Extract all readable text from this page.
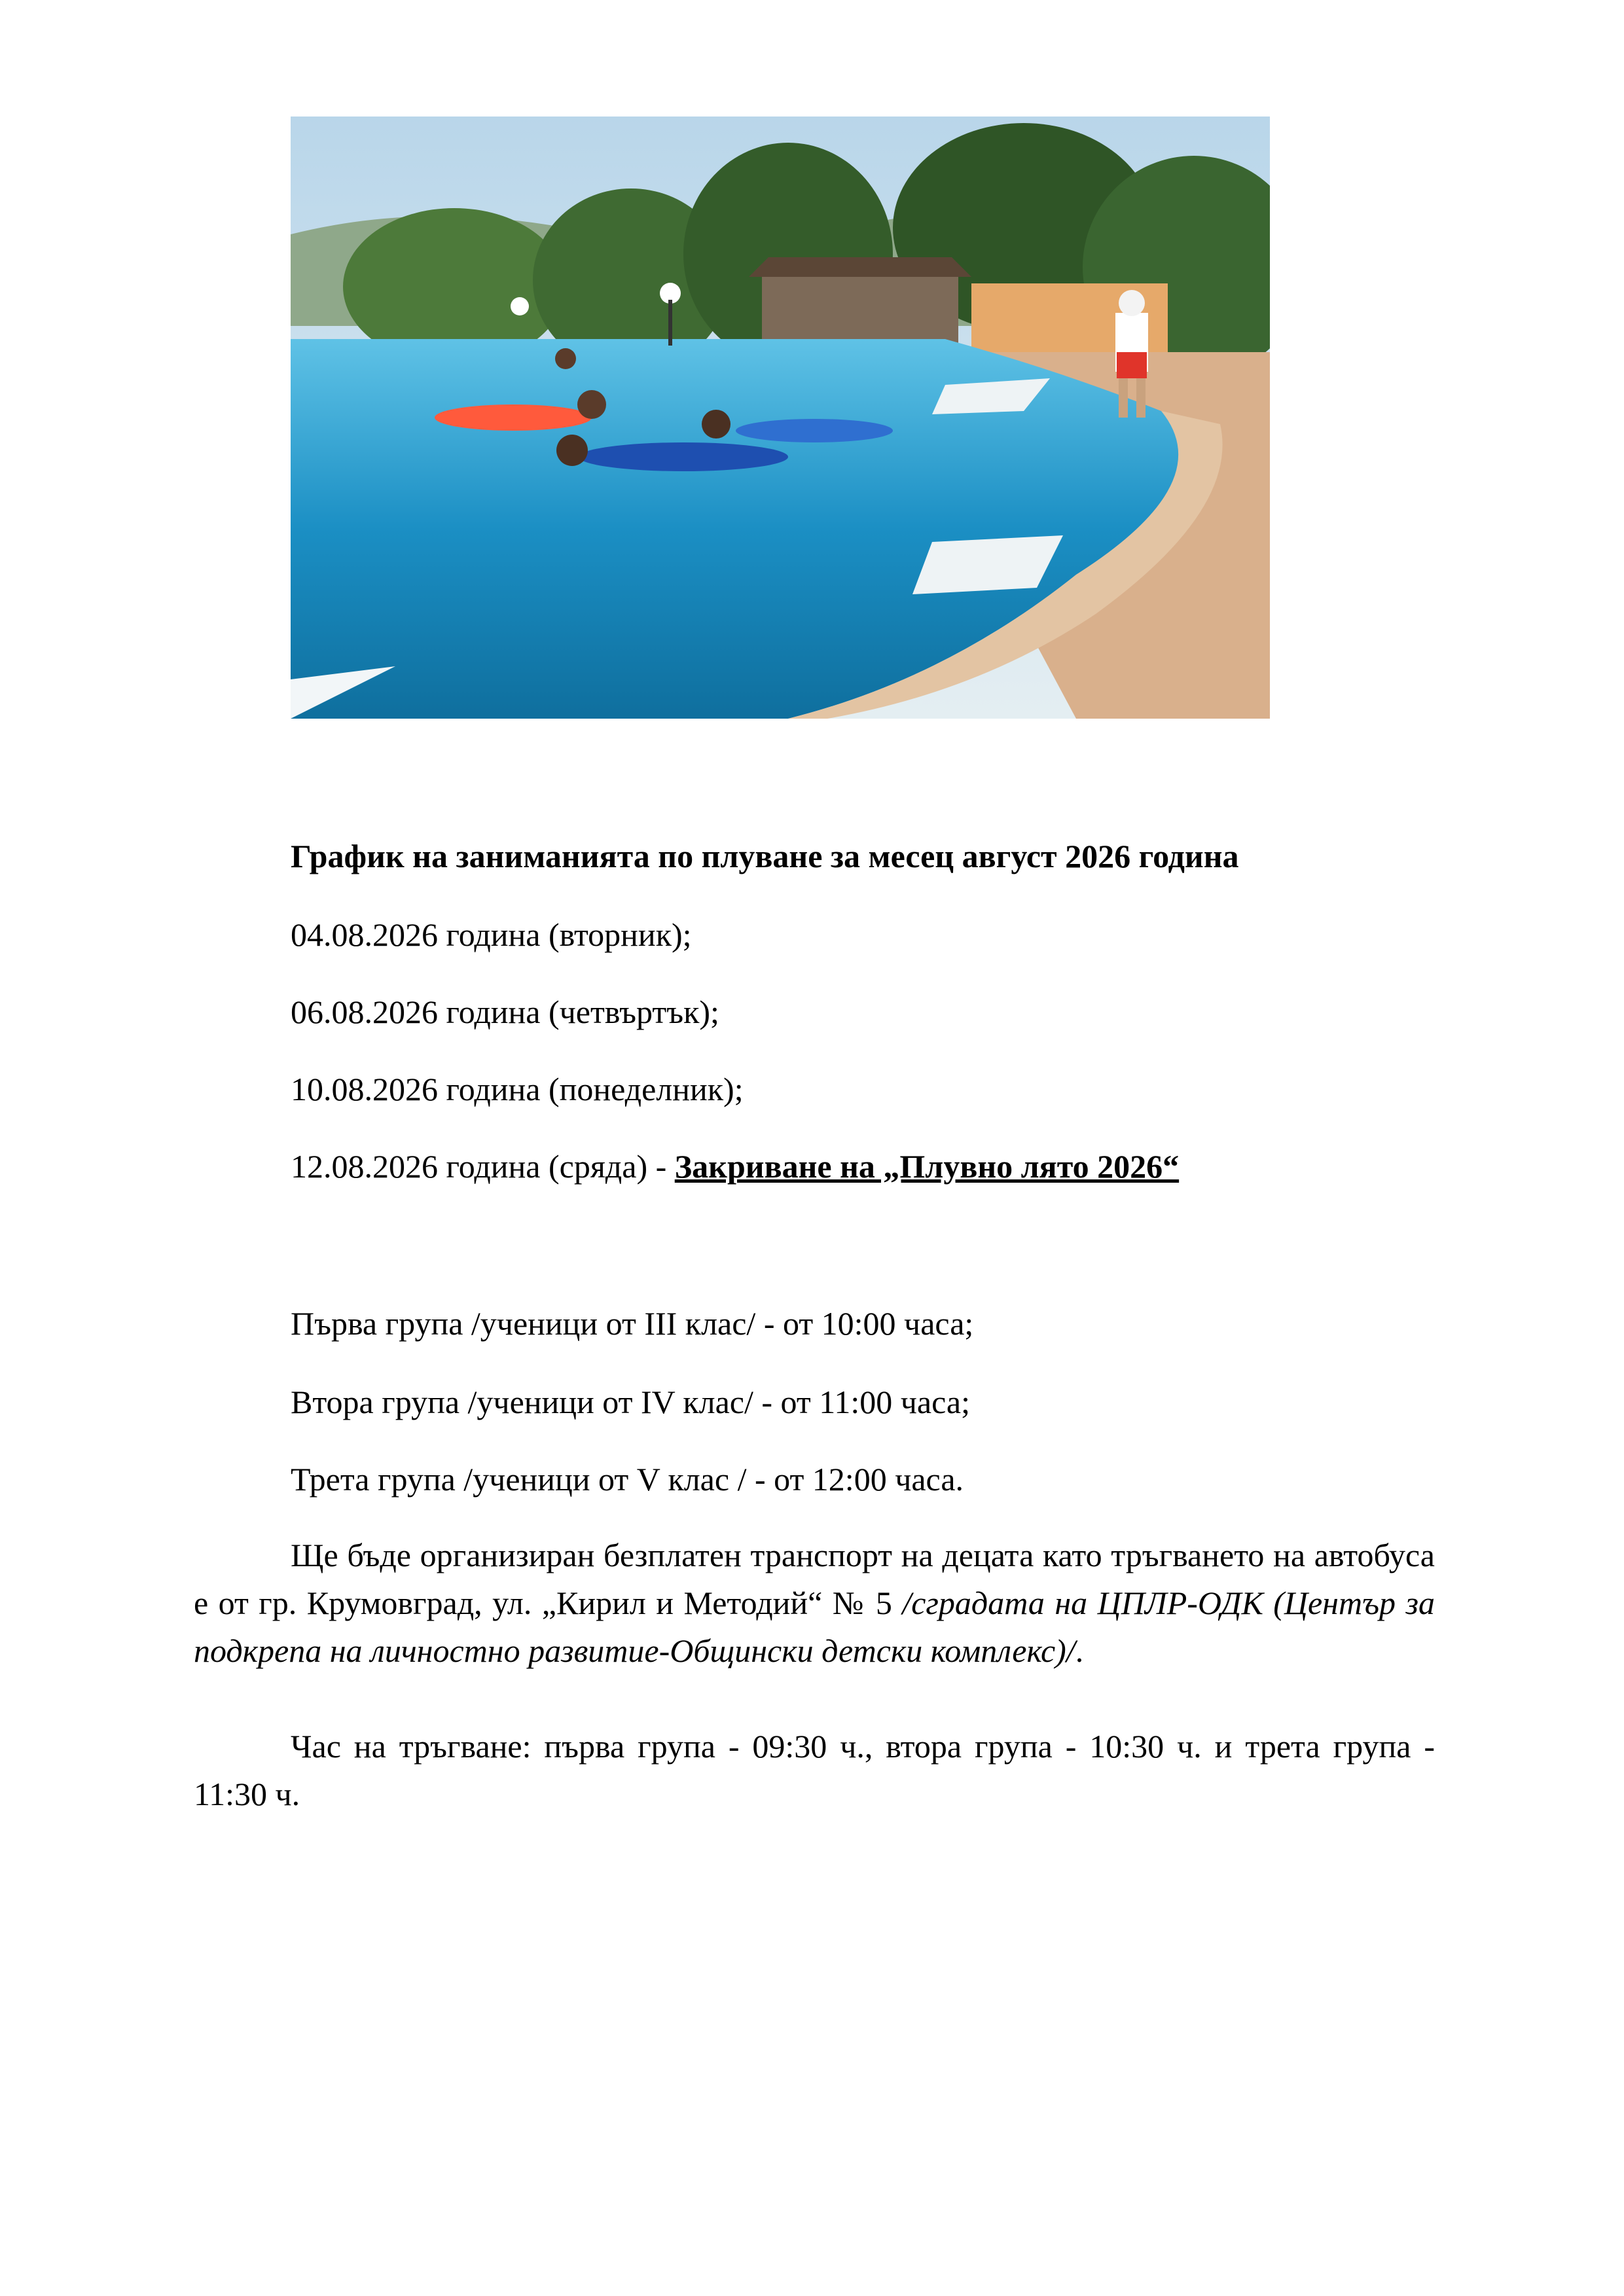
График на заниманията по плуване за месец август 2026 година
04.08.2026 година (вторник);
06.08.2026 година (четвъртък);
10.08.2026 година (понеделник);
12.08.2026 година (сряда) - Закриване на „Плувно лято 2026“
Първа група /ученици от III клас/ - от 10:00 часа;
Втора група /ученици от IV клас/ - от 11:00 часа;
Трета група /ученици от V клас / - от 12:00 часа.
Ще бъде организиран безплатен транспорт на децата като тръгването на автобуса е от гр. Крумовград, ул. „Кирил и Методий“ № 5 /сградата на ЦПЛР-ОДК (Център за подкрепа на личностно развитие-Общински детски комплекс)/.
Час на тръгване: първа група - 09:30 ч., втора група - 10:30 ч. и трета група - 11:30 ч.
